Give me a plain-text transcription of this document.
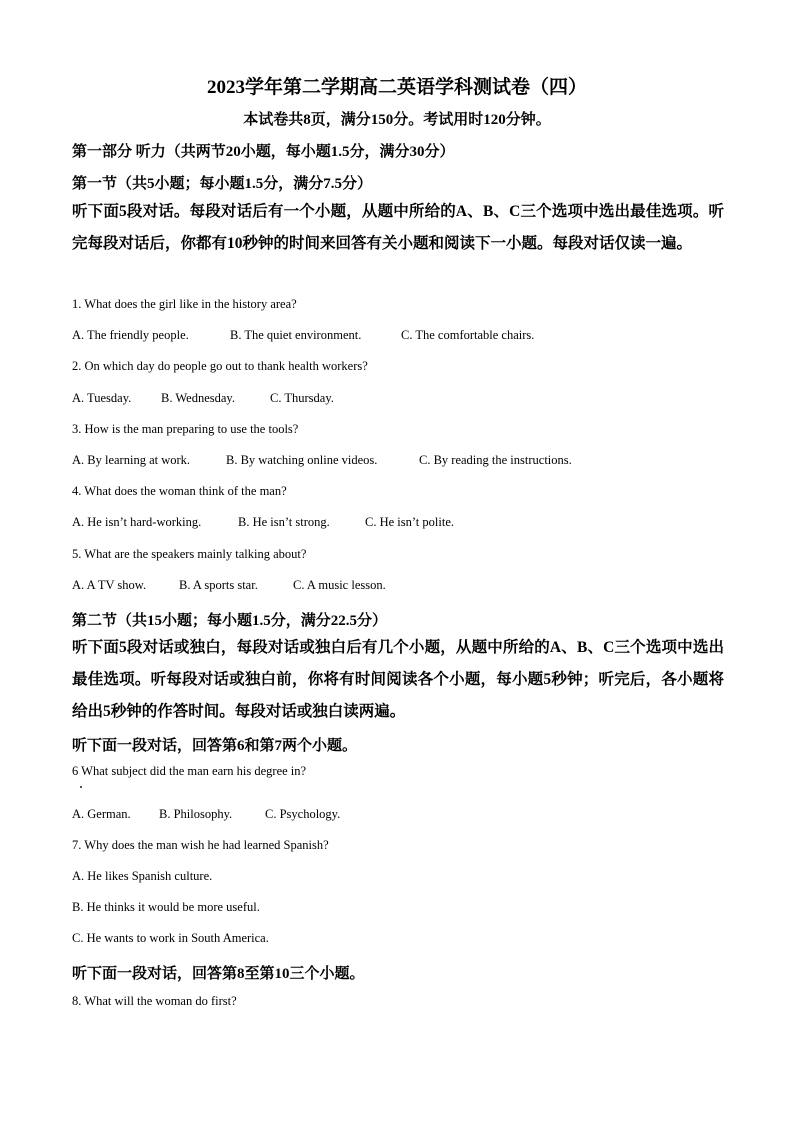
2023学年第二学期高二英语学科测试卷（四）
本试卷共8页，满分150分。考试用时120分钟。
第一部分 听力（共两节20小题，每小题1.5分，满分30分）
第一节（共5小题；每小题1.5分，满分7.5分）
听下面5段对话。每段对话后有一个小题，从题中所给的A、B、C三个选项中选出最佳选项。听完每段对话后，你都有10秒钟的时间来回答有关小题和阅读下一小题。每段对话仅读一遍。
1. What does the girl like in the history area?
A. The friendly people.	B. The quiet environment.	C. The comfortable chairs.
2. On which day do people go out to thank health workers?
A. Tuesday. B. Wednesday.	C. Thursday.
3. How is the man preparing to use the tools?
A. By learning at work.	B. By watching online videos.	C. By reading the instructions.
4. What does the woman think of the man?
A. He isn’t hard-working.	B. He isn’t strong.	C. He isn’t polite.
5. What are the speakers mainly talking about?
A. A TV show.	B. A sports star.	C. A music lesson.
第二节（共15小题；每小题1.5分，满分22.5分）
听下面5段对话或独白，每段对话或独白后有几个小题，从题中所给的A、B、C三个选项中选出最佳选项。听每段对话或独白前，你将有时间阅读各个小题，每小题5秒钟；听完后，各小题将给出5秒钟的作答时间。每段对话或独白读两遍。
听下面一段对话，回答第6和第7两个小题。
6 What subject did the man earn his degree in?
A. German. B. Philosophy.	C. Psychology.
7. Why does the man wish he had learned Spanish?
A. He likes Spanish culture.
B. He thinks it would be more useful.
C. He wants to work in South America.
听下面一段对话，回答第8至第10三个小题。
8. What will the woman do first?
